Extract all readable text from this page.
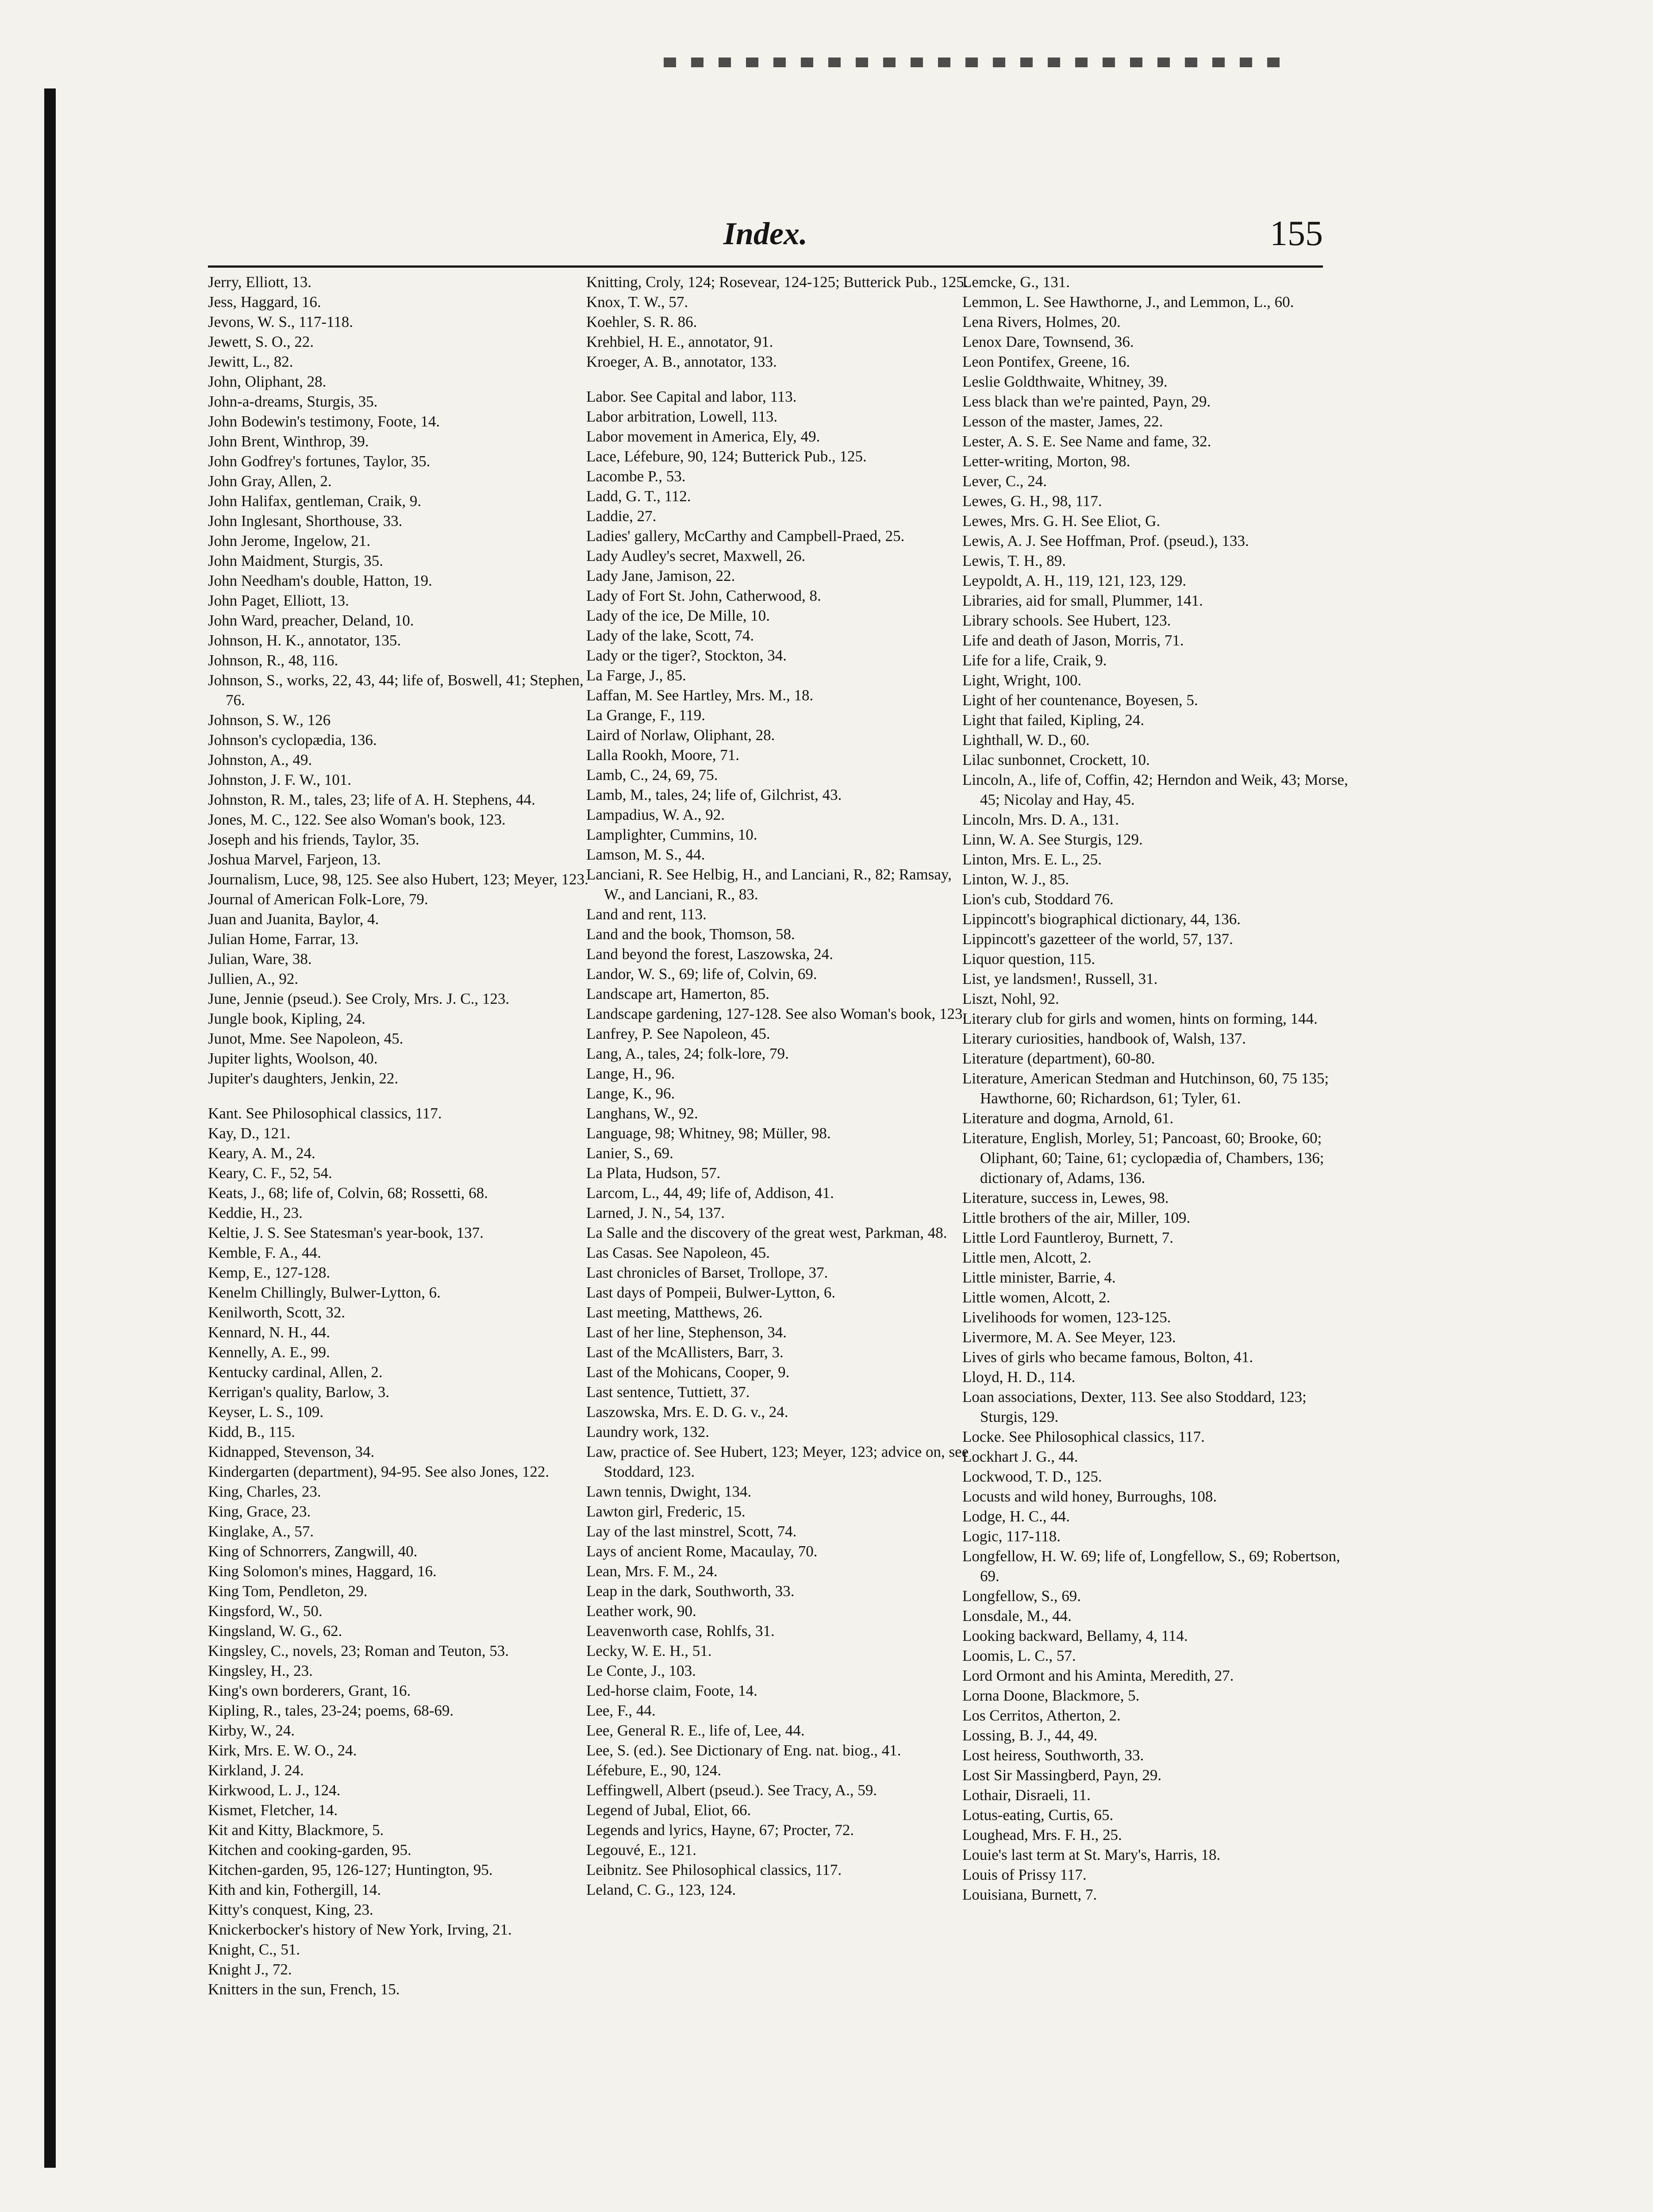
Index.	155
Jerry, Elliott, 13.
Jess, Haggard, 16.
Jevons, W. S., 117-118.
Jewett, S. O., 22.
Jewitt, L., 82.
John, Oliphant, 28.
John-a-dreams, Sturgis, 35.
John Bodewin's testimony, Foote, 14.
John Brent, Winthrop, 39.
John Godfrey's fortunes, Taylor, 35.
John Gray, Allen, 2.
John Halifax, gentleman, Craik, 9.
John Inglesant, Shorthouse, 33.
John Jerome, Ingelow, 21.
John Maidment, Sturgis, 35.
John Needham's double, Hatton, 19.
John Paget, Elliott, 13.
John Ward, preacher, Deland, 10.
Johnson, H. K., annotator, 135.
Johnson, R., 48, 116.
Johnson, S., works, 22, 43, 44; life of, Boswell, 41; Stephen, 76.
Johnson, S. W., 126
Johnson's cyclopædia, 136.
Johnston, A., 49.
Johnston, J. F. W., 101.
Johnston, R. M., tales, 23; life of A. H. Stephens, 44.
Jones, M. C., 122. See also Woman's book, 123.
Joseph and his friends, Taylor, 35.
Joshua Marvel, Farjeon, 13.
Journalism, Luce, 98, 125. See also Hubert, 123; Meyer, 123.
Journal of American Folk-Lore, 79.
Juan and Juanita, Baylor, 4.
Julian Home, Farrar, 13.
Julian, Ware, 38.
Jullien, A., 92.
June, Jennie (pseud.). See Croly, Mrs. J. C., 123.
Jungle book, Kipling, 24.
Junot, Mme. See Napoleon, 45.
Jupiter lights, Woolson, 40.
Jupiter's daughters, Jenkin, 22.
Kant. See Philosophical classics, 117.
Kay, D., 121.
Keary, A. M., 24.
Keary, C. F., 52, 54.
Keats, J., 68; life of, Colvin, 68; Rossetti, 68.
Keddie, H., 23.
Keltie, J. S. See Statesman's year-book, 137.
Kemble, F. A., 44.
Kemp, E., 127-128.
Kenelm Chillingly, Bulwer-Lytton, 6.
Kenilworth, Scott, 32.
Kennard, N. H., 44.
Kennelly, A. E., 99.
Kentucky cardinal, Allen, 2.
Kerrigan's quality, Barlow, 3.
Keyser, L. S., 109.
Kidd, B., 115.
Kidnapped, Stevenson, 34.
Kindergarten (department), 94-95. See also Jones, 122.
King, Charles, 23.
King, Grace, 23.
Kinglake, A., 57.
King of Schnorrers, Zangwill, 40.
King Solomon's mines, Haggard, 16.
King Tom, Pendleton, 29.
Kingsford, W., 50.
Kingsland, W. G., 62.
Kingsley, C., novels, 23; Roman and Teuton, 53.
Kingsley, H., 23.
King's own borderers, Grant, 16.
Kipling, R., tales, 23-24; poems, 68-69.
Kirby, W., 24.
Kirk, Mrs. E. W. O., 24.
Kirkland, J. 24.
Kirkwood, L. J., 124.
Kismet, Fletcher, 14.
Kit and Kitty, Blackmore, 5.
Kitchen and cooking-garden, 95.
Kitchen-garden, 95, 126-127; Huntington, 95.
Kith and kin, Fothergill, 14.
Kitty's conquest, King, 23.
Knickerbocker's history of New York, Irving, 21.
Knight, C., 51.
Knight J., 72.
Knitters in the sun, French, 15.
Knitting, Croly, 124; Rosevear, 124-125; Butterick Pub., 125.
Knox, T. W., 57.
Koehler, S. R. 86.
Krehbiel, H. E., annotator, 91.
Kroeger, A. B., annotator, 133.
Labor. See Capital and labor, 113.
Labor arbitration, Lowell, 113.
Labor movement in America, Ely, 49.
Lace, Léfebure, 90, 124; Butterick Pub., 125.
Lacombe P., 53.
Ladd, G. T., 112.
Laddie, 27.
Ladies' gallery, McCarthy and Campbell-Praed, 25.
Lady Audley's secret, Maxwell, 26.
Lady Jane, Jamison, 22.
Lady of Fort St. John, Catherwood, 8.
Lady of the ice, De Mille, 10.
Lady of the lake, Scott, 74.
Lady or the tiger?, Stockton, 34.
La Farge, J., 85.
Laffan, M. See Hartley, Mrs. M., 18.
La Grange, F., 119.
Laird of Norlaw, Oliphant, 28.
Lalla Rookh, Moore, 71.
Lamb, C., 24, 69, 75.
Lamb, M., tales, 24; life of, Gilchrist, 43.
Lampadius, W. A., 92.
Lamplighter, Cummins, 10.
Lamson, M. S., 44.
Lanciani, R. See Helbig, H., and Lanciani, R., 82; Ramsay, W., and Lanciani, R., 83.
Land and rent, 113.
Land and the book, Thomson, 58.
Land beyond the forest, Laszowska, 24.
Landor, W. S., 69; life of, Colvin, 69.
Landscape art, Hamerton, 85.
Landscape gardening, 127-128. See also Woman's book, 123.
Lanfrey, P. See Napoleon, 45.
Lang, A., tales, 24; folk-lore, 79.
Lange, H., 96.
Lange, K., 96.
Langhans, W., 92.
Language, 98; Whitney, 98; Müller, 98.
Lanier, S., 69.
La Plata, Hudson, 57.
Larcom, L., 44, 49; life of, Addison, 41.
Larned, J. N., 54, 137.
La Salle and the discovery of the great west, Parkman, 48.
Las Casas. See Napoleon, 45.
Last chronicles of Barset, Trollope, 37.
Last days of Pompeii, Bulwer-Lytton, 6.
Last meeting, Matthews, 26.
Last of her line, Stephenson, 34.
Last of the McAllisters, Barr, 3.
Last of the Mohicans, Cooper, 9.
Last sentence, Tuttiett, 37.
Laszowska, Mrs. E. D. G. v., 24.
Laundry work, 132.
Law, practice of. See Hubert, 123; Meyer, 123; advice on, see Stoddard, 123.
Lawn tennis, Dwight, 134.
Lawton girl, Frederic, 15.
Lay of the last minstrel, Scott, 74.
Lays of ancient Rome, Macaulay, 70.
Lean, Mrs. F. M., 24.
Leap in the dark, Southworth, 33.
Leather work, 90.
Leavenworth case, Rohlfs, 31.
Lecky, W. E. H., 51.
Le Conte, J., 103.
Led-horse claim, Foote, 14.
Lee, F., 44.
Lee, General R. E., life of, Lee, 44.
Lee, S. (ed.). See Dictionary of Eng. nat. biog., 41.
Léfebure, E., 90, 124.
Leffingwell, Albert (pseud.). See Tracy, A., 59.
Legend of Jubal, Eliot, 66.
Legends and lyrics, Hayne, 67; Procter, 72.
Legouvé, E., 121.
Leibnitz. See Philosophical classics, 117.
Leland, C. G., 123, 124.
Lemcke, G., 131.
Lemmon, L. See Hawthorne, J., and Lemmon, L., 60.
Lena Rivers, Holmes, 20.
Lenox Dare, Townsend, 36.
Leon Pontifex, Greene, 16.
Leslie Goldthwaite, Whitney, 39.
Less black than we're painted, Payn, 29.
Lesson of the master, James, 22.
Lester, A. S. E. See Name and fame, 32.
Letter-writing, Morton, 98.
Lever, C., 24.
Lewes, G. H., 98, 117.
Lewes, Mrs. G. H. See Eliot, G.
Lewis, A. J. See Hoffman, Prof. (pseud.), 133.
Lewis, T. H., 89.
Leypoldt, A. H., 119, 121, 123, 129.
Libraries, aid for small, Plummer, 141.
Library schools. See Hubert, 123.
Life and death of Jason, Morris, 71.
Life for a life, Craik, 9.
Light, Wright, 100.
Light of her countenance, Boyesen, 5.
Light that failed, Kipling, 24.
Lighthall, W. D., 60.
Lilac sunbonnet, Crockett, 10.
Lincoln, A., life of, Coffin, 42; Herndon and Weik, 43; Morse, 45; Nicolay and Hay, 45.
Lincoln, Mrs. D. A., 131.
Linn, W. A. See Sturgis, 129.
Linton, Mrs. E. L., 25.
Linton, W. J., 85.
Lion's cub, Stoddard 76.
Lippincott's biographical dictionary, 44, 136.
Lippincott's gazetteer of the world, 57, 137.
Liquor question, 115.
List, ye landsmen!, Russell, 31.
Liszt, Nohl, 92.
Literary club for girls and women, hints on forming, 144.
Literary curiosities, handbook of, Walsh, 137.
Literature (department), 60-80.
Literature, American Stedman and Hutchinson, 60, 75 135; Hawthorne, 60; Richardson, 61; Tyler, 61.
Literature and dogma, Arnold, 61.
Literature, English, Morley, 51; Pancoast, 60; Brooke, 60; Oliphant, 60; Taine, 61; cyclopædia of, Chambers, 136; dictionary of, Adams, 136.
Literature, success in, Lewes, 98.
Little brothers of the air, Miller, 109.
Little Lord Fauntleroy, Burnett, 7.
Little men, Alcott, 2.
Little minister, Barrie, 4.
Little women, Alcott, 2.
Livelihoods for women, 123-125.
Livermore, M. A. See Meyer, 123.
Lives of girls who became famous, Bolton, 41.
Lloyd, H. D., 114.
Loan associations, Dexter, 113. See also Stoddard, 123; Sturgis, 129.
Locke. See Philosophical classics, 117.
Lockhart J. G., 44.
Lockwood, T. D., 125.
Locusts and wild honey, Burroughs, 108.
Lodge, H. C., 44.
Logic, 117-118.
Longfellow, H. W. 69; life of, Longfellow, S., 69; Robertson, 69.
Longfellow, S., 69.
Lonsdale, M., 44.
Looking backward, Bellamy, 4, 114.
Loomis, L. C., 57.
Lord Ormont and his Aminta, Meredith, 27.
Lorna Doone, Blackmore, 5.
Los Cerritos, Atherton, 2.
Lossing, B. J., 44, 49.
Lost heiress, Southworth, 33.
Lost Sir Massingberd, Payn, 29.
Lothair, Disraeli, 11.
Lotus-eating, Curtis, 65.
Loughead, Mrs. F. H., 25.
Louie's last term at St. Mary's, Harris, 18.
Louis of Prissy 117.
Louisiana, Burnett, 7.
